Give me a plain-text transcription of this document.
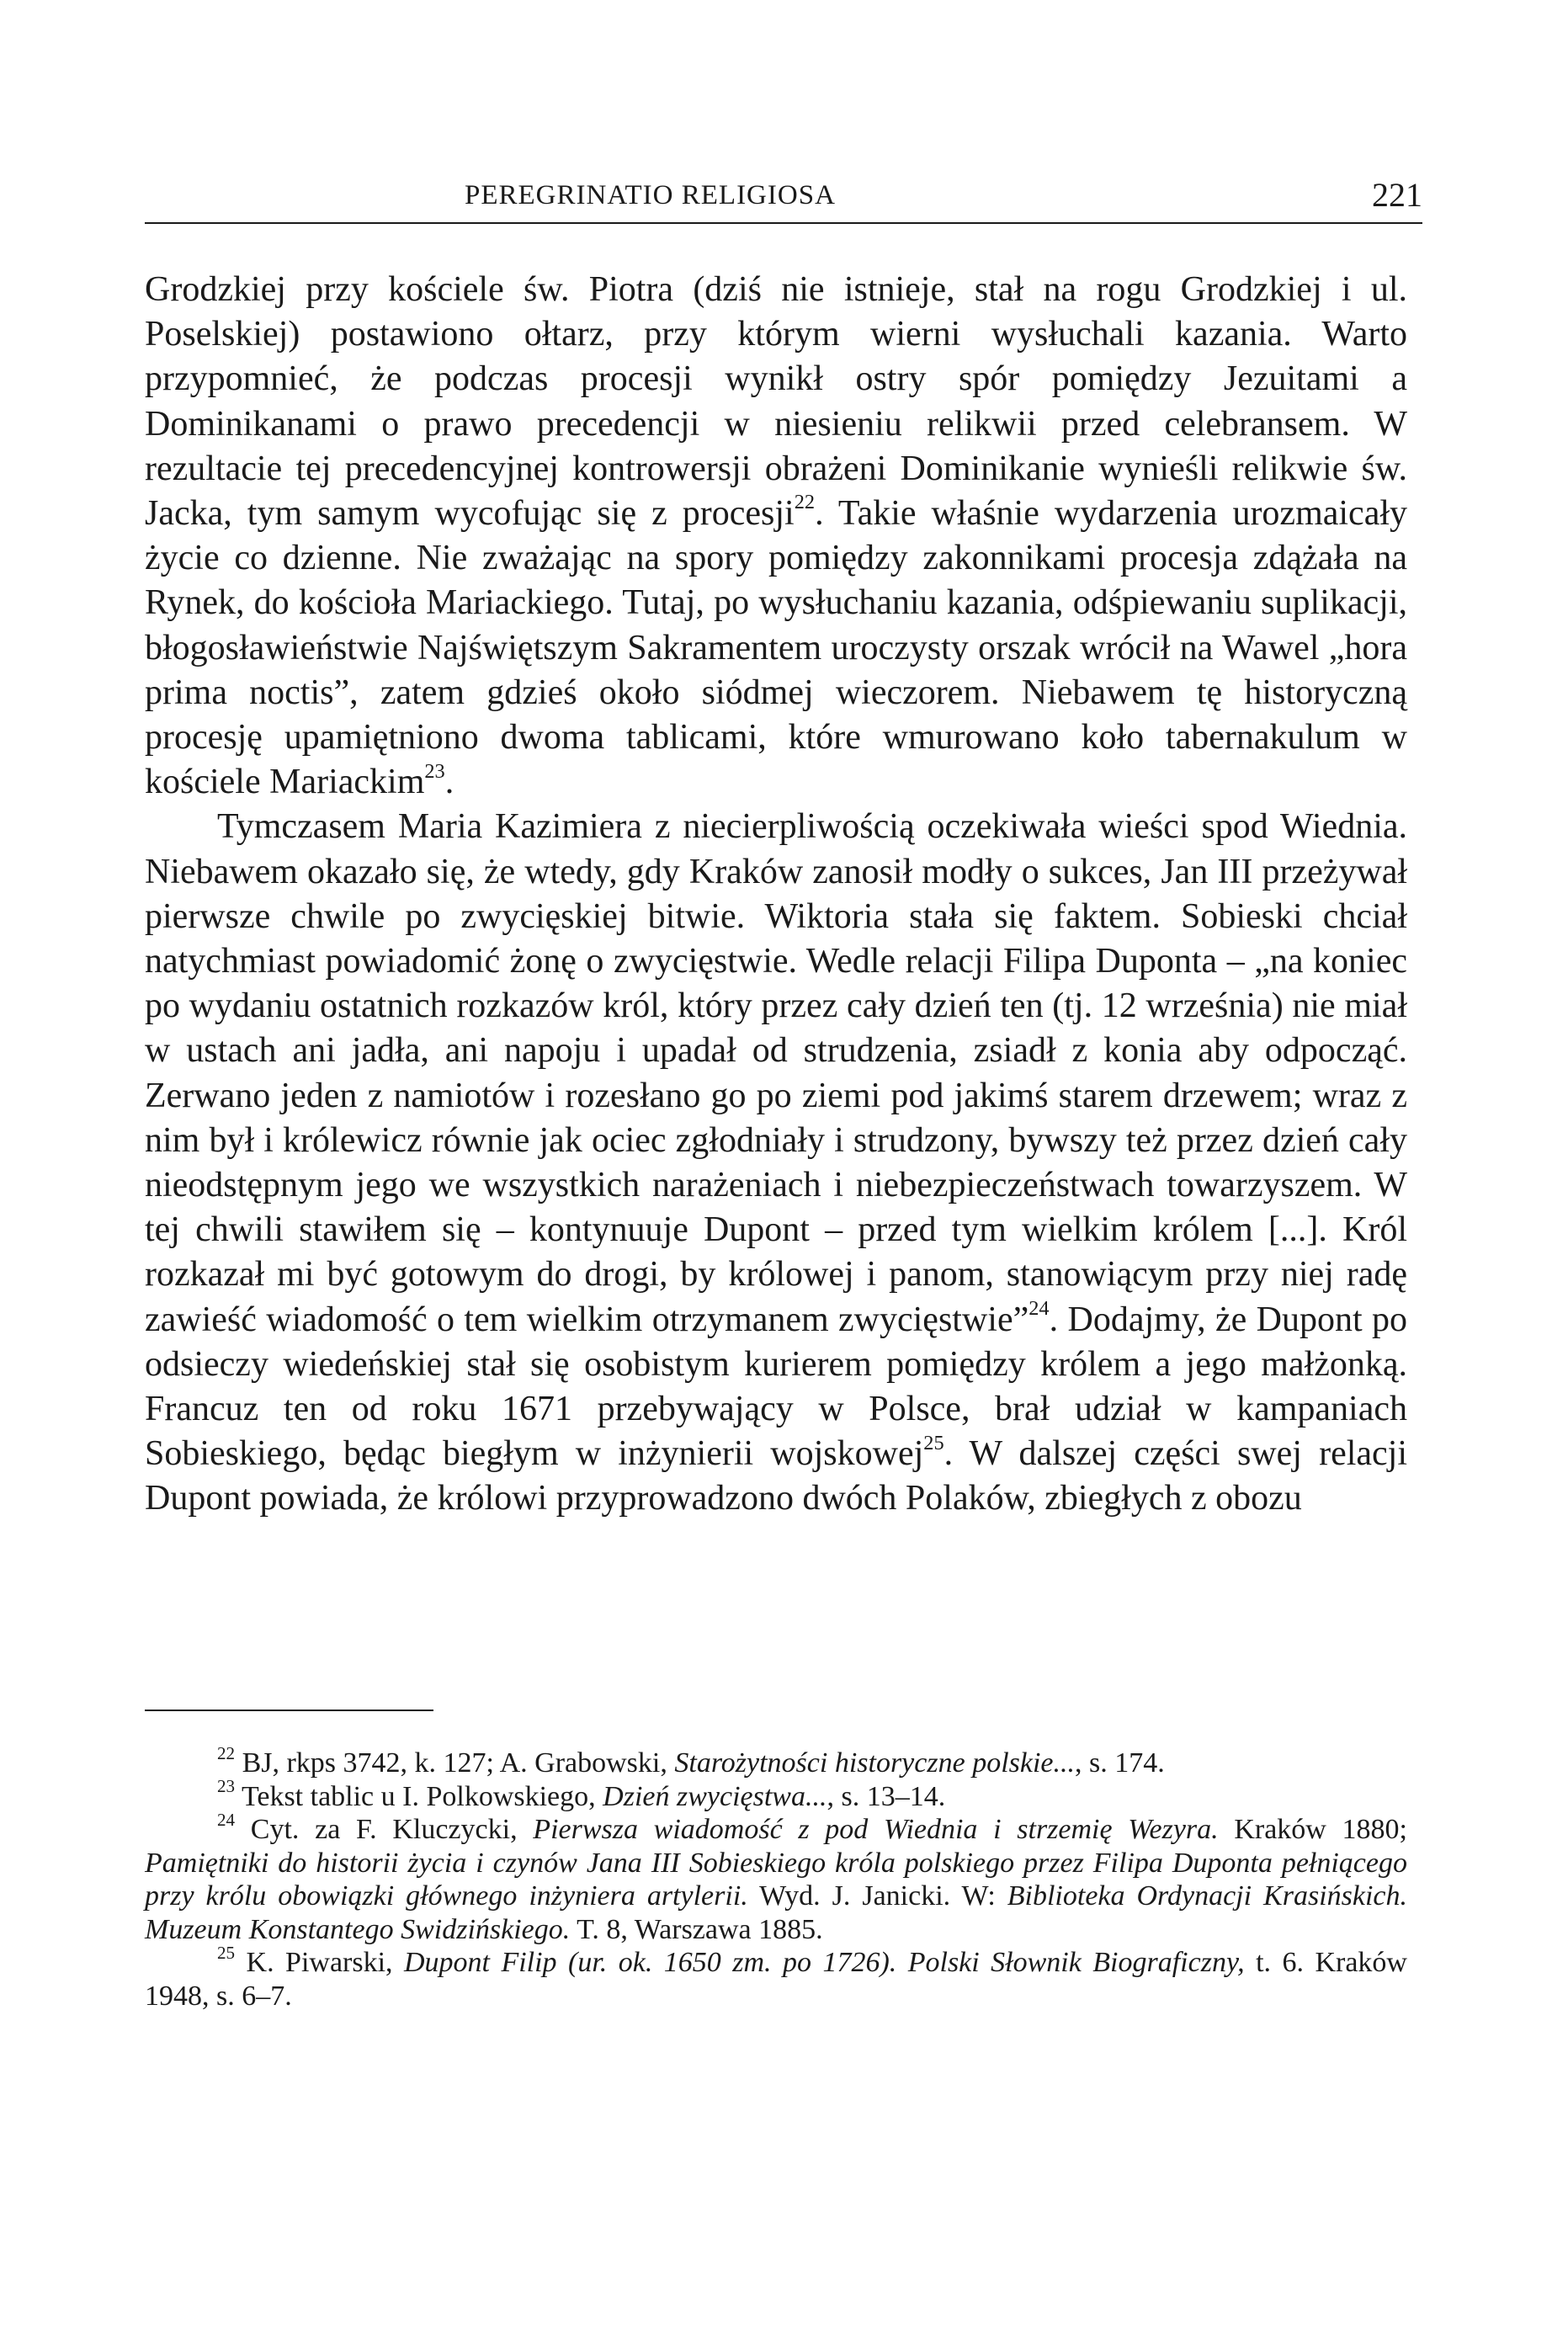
PEREGRINATIO RELIGIOSA	221

Grodzkiej przy kościele św. Piotra (dziś nie istnieje, stał na rogu Grodzkiej i ul. Poselskiej) postawiono ołtarz, przy którym wierni wysłuchali kazania. Warto przypomnieć, że podczas procesji wynikł ostry spór pomiędzy Jezuitami a Dominikanami o prawo precedencji w niesieniu relikwii przed celebransem. W rezultacie tej precedencyjnej kontrowersji obrażeni Dominikanie wynieśli relikwie św. Jacka, tym samym wycofując się z procesji$^{22}$. Takie właśnie wydarzenia urozmaicały życie co dzienne. Nie zważając na spory pomiędzy zakonnikami procesja zdążała na Rynek, do kościoła Mariackiego. Tutaj, po wysłuchaniu kazania, odśpiewaniu suplikacji, błogosławieństwie Najświętszym Sakramentem uroczysty orszak wrócił na Wawel „hora prima noctis”, zatem gdzieś około siódmej wieczorem. Niebawem tę historyczną procesję upamiętniono dwoma tablicami, które wmurowano koło tabernakulum w kościele Mariackim$^{23}$.

Tymczasem Maria Kazimiera z niecierpliwością oczekiwała wieści spod Wiednia. Niebawem okazało się, że wtedy, gdy Kraków zanosił modły o sukces, Jan III przeżywał pierwsze chwile po zwycięskiej bitwie. Wiktoria stała się faktem. Sobieski chciał natychmiast powiadomić żonę o zwycięstwie. Wedle relacji Filipa Duponta – „na koniec po wydaniu ostatnich rozkazów król, który przez cały dzień ten (tj. 12 września) nie miał w ustach ani jadła, ani napoju i upadał od strudzenia, zsiadł z konia aby odpocząć. Zerwano jeden z namiotów i rozesłano go po ziemi pod jakimś starem drzewem; wraz z nim był i królewicz równie jak ociec zgłodniały i strudzony, bywszy też przez dzień cały nieodstępnym jego we wszystkich narażeniach i niebezpieczeństwach towarzyszem. W tej chwili stawiłem się – kontynuuje Dupont – przed tym wielkim królem [...]. Król rozkazał mi być gotowym do drogi, by królowej i panom, stanowiącym przy niej radę zawieść wiadomość o tem wielkim otrzymanem zwycięstwie”$^{24}$. Dodajmy, że Dupont po odsieczy wiedeńskiej stał się osobistym kurierem pomiędzy królem a jego małżonką. Francuz ten od roku 1671 przebywający w Polsce, brał udział w kampaniach Sobieskiego, będąc biegłym w inżynierii wojskowej$^{25}$. W dalszej części swej relacji Dupont powiada, że królowi przyprowadzono dwóch Polaków, zbiegłych z obozu

$^{22}$ BJ, rkps 3742, k. 127; A. Grabowski, Starożytności historyczne polskie..., s. 174.

$^{23}$ Tekst tablic u I. Polkowskiego, Dzień zwycięstwa..., s. 13–14.

$^{24}$ Cyt. za F. Kluczycki, Pierwsza wiadomość z pod Wiednia i strzemię Wezyra. Kraków 1880; Pamiętniki do historii życia i czynów Jana III Sobieskiego króla polskiego przez Filipa Duponta pełniącego przy królu obowiązki głównego inżyniera artylerii. Wyd. J. Janicki. W: Biblioteka Ordynacji Krasińskich. Muzeum Konstantego Swidzińskiego. T. 8, Warszawa 1885.

$^{25}$ K. Piwarski, Dupont Filip (ur. ok. 1650 zm. po 1726). Polski Słownik Biograficzny, t. 6. Kraków 1948, s. 6–7.
